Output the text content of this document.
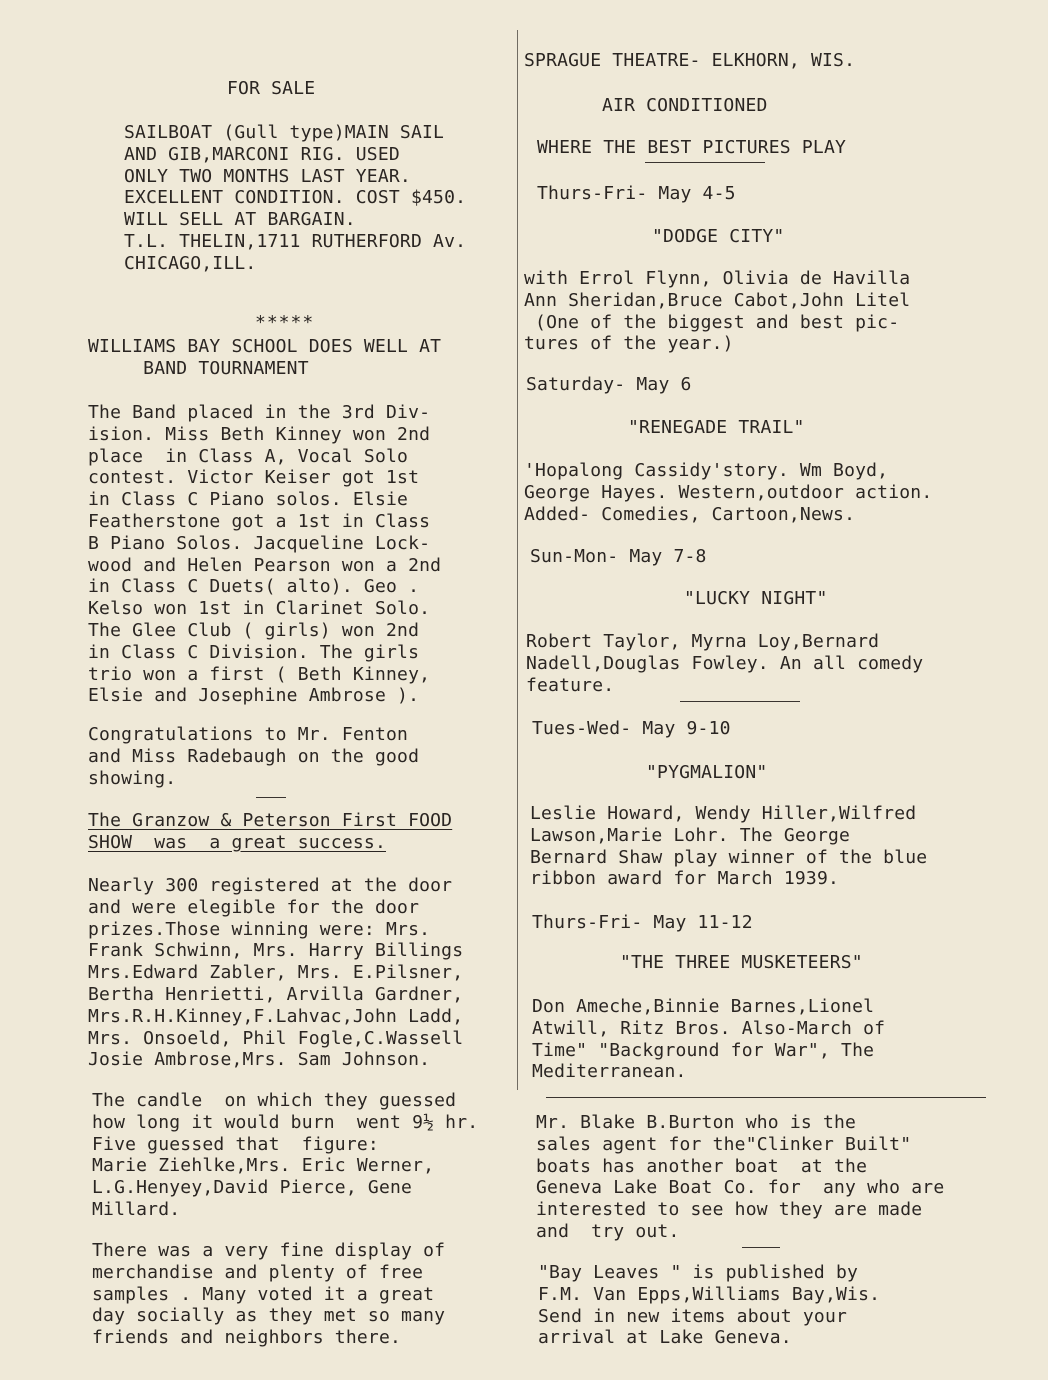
FOR SALE
SAILBOAT (Gull type)MAIN SAIL
AND GIB,MARCONI RIG. USED
ONLY TWO MONTHS LAST YEAR.
EXCELLENT CONDITION. COST $450.
WILL SELL AT BARGAIN.
T.L. THELIN,1711 RUTHERFORD Av.
CHICAGO,ILL.
*****
WILLIAMS BAY SCHOOL DOES WELL AT
BAND TOURNAMENT
The Band placed in the 3rd Div-
ision. Miss Beth Kinney won 2nd
place  in Class A, Vocal Solo
contest. Victor Keiser got 1st
in Class C Piano solos. Elsie
Featherstone got a 1st in Class
B Piano Solos. Jacqueline Lock-
wood and Helen Pearson won a 2nd
in Class C Duets( alto). Geo .
Kelso won 1st in Clarinet Solo.
The Glee Club ( girls) won 2nd
in Class C Division. The girls
trio won a first ( Beth Kinney,
Elsie and Josephine Ambrose ).
Congratulations to Mr. Fenton
and Miss Radebaugh on the good
showing.
The Granzow & Peterson First FOOD
SHOW  was  a great success.
Nearly 300 registered at the door
and were elegible for the door
prizes.Those winning were: Mrs.
Frank Schwinn, Mrs. Harry Billings
Mrs.Edward Zabler, Mrs. E.Pilsner,
Bertha Henrietti, Arvilla Gardner,
Mrs.R.H.Kinney,F.Lahvac,John Ladd,
Mrs. Onsoeld, Phil Fogle,C.Wassell
Josie Ambrose,Mrs. Sam Johnson.
The candle  on which they guessed
how long it would burn  went 9½ hr.
Five guessed that  figure:
Marie Ziehlke,Mrs. Eric Werner,
L.G.Henyey,David Pierce, Gene
Millard.
There was a very fine display of
merchandise and plenty of free
samples . Many voted it a great
day socially as they met so many
friends and neighbors there.
SPRAGUE THEATRE- ELKHORN, WIS.
AIR CONDITIONED
WHERE THE BEST PICTURES PLAY
Thurs-Fri- May 4-5
"DODGE CITY"
with Errol Flynn, Olivia de Havilla
Ann Sheridan,Bruce Cabot,John Litel
(One of the biggest and best pic-
tures of the year.)
Saturday- May 6
"RENEGADE TRAIL"
'Hopalong Cassidy'story. Wm Boyd,
George Hayes. Western,outdoor action.
Added- Comedies, Cartoon,News.
Sun-Mon- May 7-8
"LUCKY NIGHT"
Robert Taylor, Myrna Loy,Bernard
Nadell,Douglas Fowley. An all comedy
feature.
Tues-Wed- May 9-10
"PYGMALION"
Leslie Howard, Wendy Hiller,Wilfred
Lawson,Marie Lohr. The George
Bernard Shaw play winner of the blue
ribbon award for March 1939.
Thurs-Fri- May 11-12
"THE THREE MUSKETEERS"
Don Ameche,Binnie Barnes,Lionel
Atwill, Ritz Bros. Also-March of
Time" "Background for War", The
Mediterranean.
Mr. Blake B.Burton who is the
sales agent for the"Clinker Built"
boats has another boat  at the
Geneva Lake Boat Co. for  any who are
interested to see how they are made
and  try out.
"Bay Leaves " is published by
F.M. Van Epps,Williams Bay,Wis.
Send in new items about your
arrival at Lake Geneva.
